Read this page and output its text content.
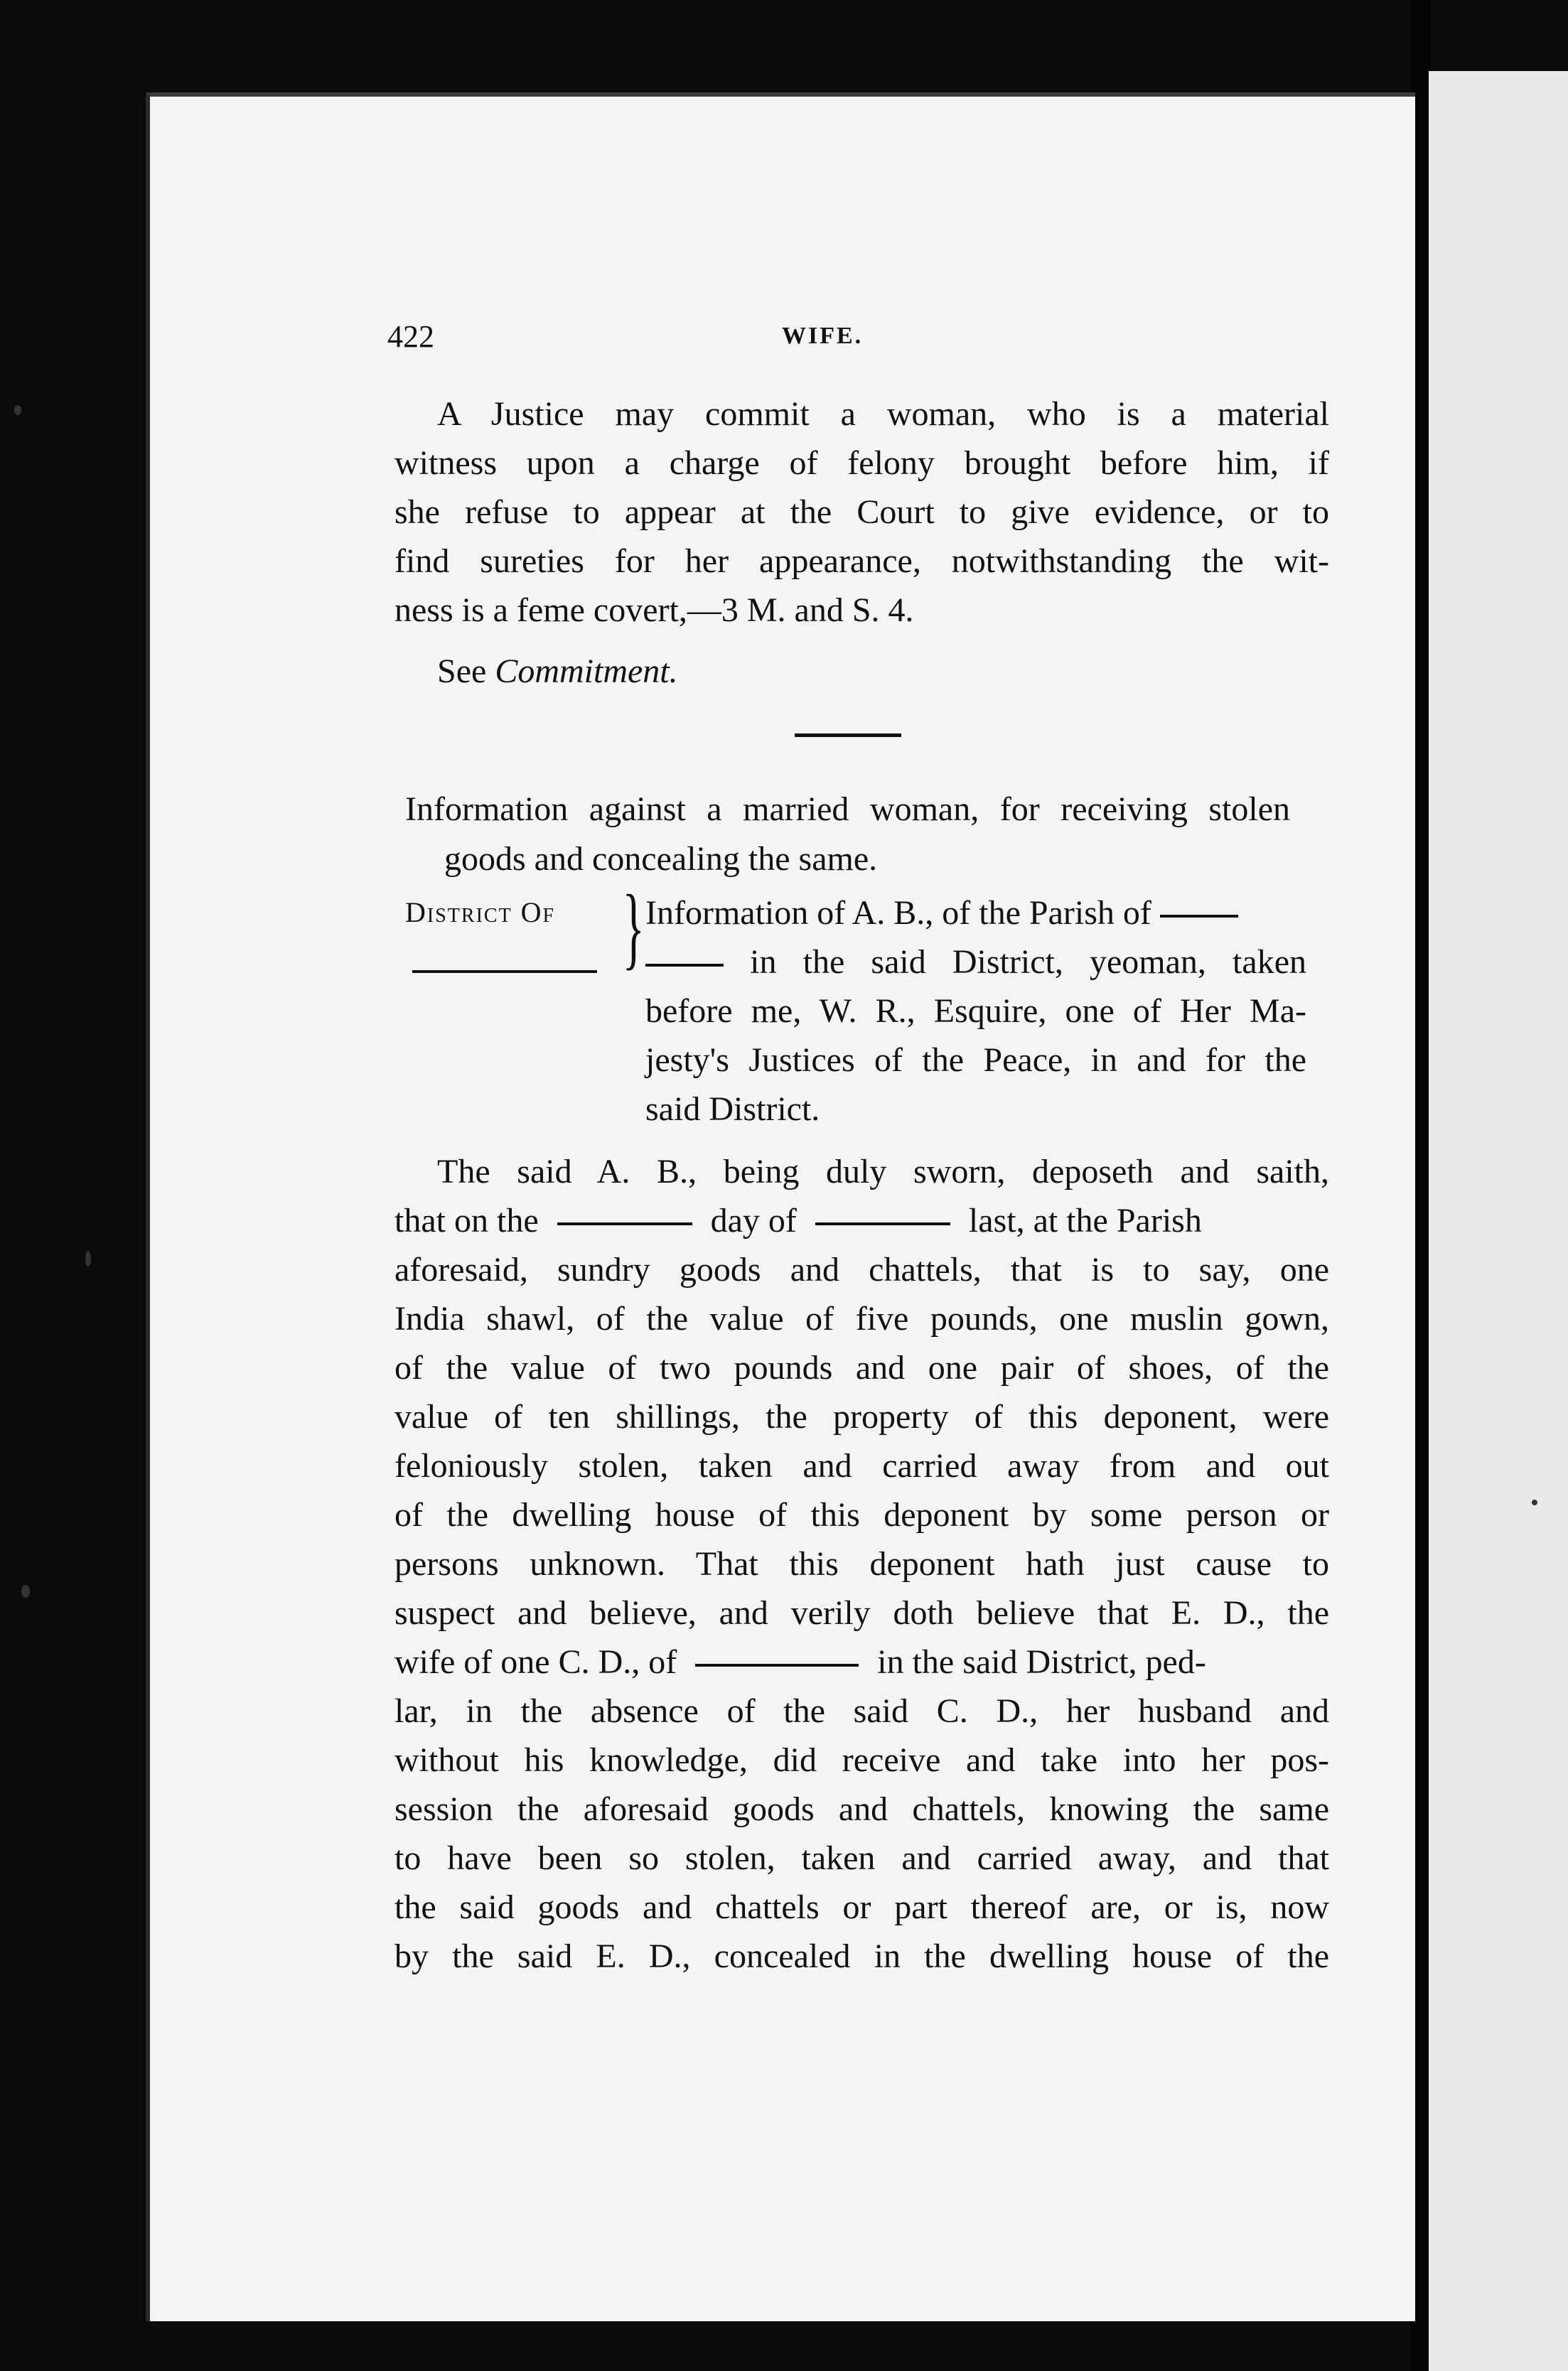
422	WIFE.
A Justice may commit a woman, who is a material
witness upon a charge of felony brought before him, if
she refuse to appear at the Court to give evidence, or to
find sureties for her appearance, notwithstanding the wit-
ness is a feme covert,—3 M. and S. 4.
See Commitment.
Information against a married woman, for receiving stolen
goods and concealing the same.
District Of } Information of A. B., of the Parish of
in the said District, yeoman, taken
before me, W. R., Esquire, one of Her Ma-
jesty's Justices of the Peace, in and for the
said District.
The said A. B., being duly sworn, deposeth and saith,
that on the	day of	last, at the Parish
aforesaid, sundry goods and chattels, that is to say, one
India shawl, of the value of five pounds, one muslin gown,
of the value of two pounds and one pair of shoes, of the
value of ten shillings, the property of this deponent, were
feloniously stolen, taken and carried away from and out
of the dwelling house of this deponent by some person or
persons unknown. That this deponent hath just cause to
suspect and believe, and verily doth believe that E. D., the
wife of one C. D., of	in the said District, ped-
lar, in the absence of the said C. D., her husband and
without his knowledge, did receive and take into her pos-
session the aforesaid goods and chattels, knowing the same
to have been so stolen, taken and carried away, and that
the said goods and chattels or part thereof are, or is, now
by the said E. D., concealed in the dwelling house of the
